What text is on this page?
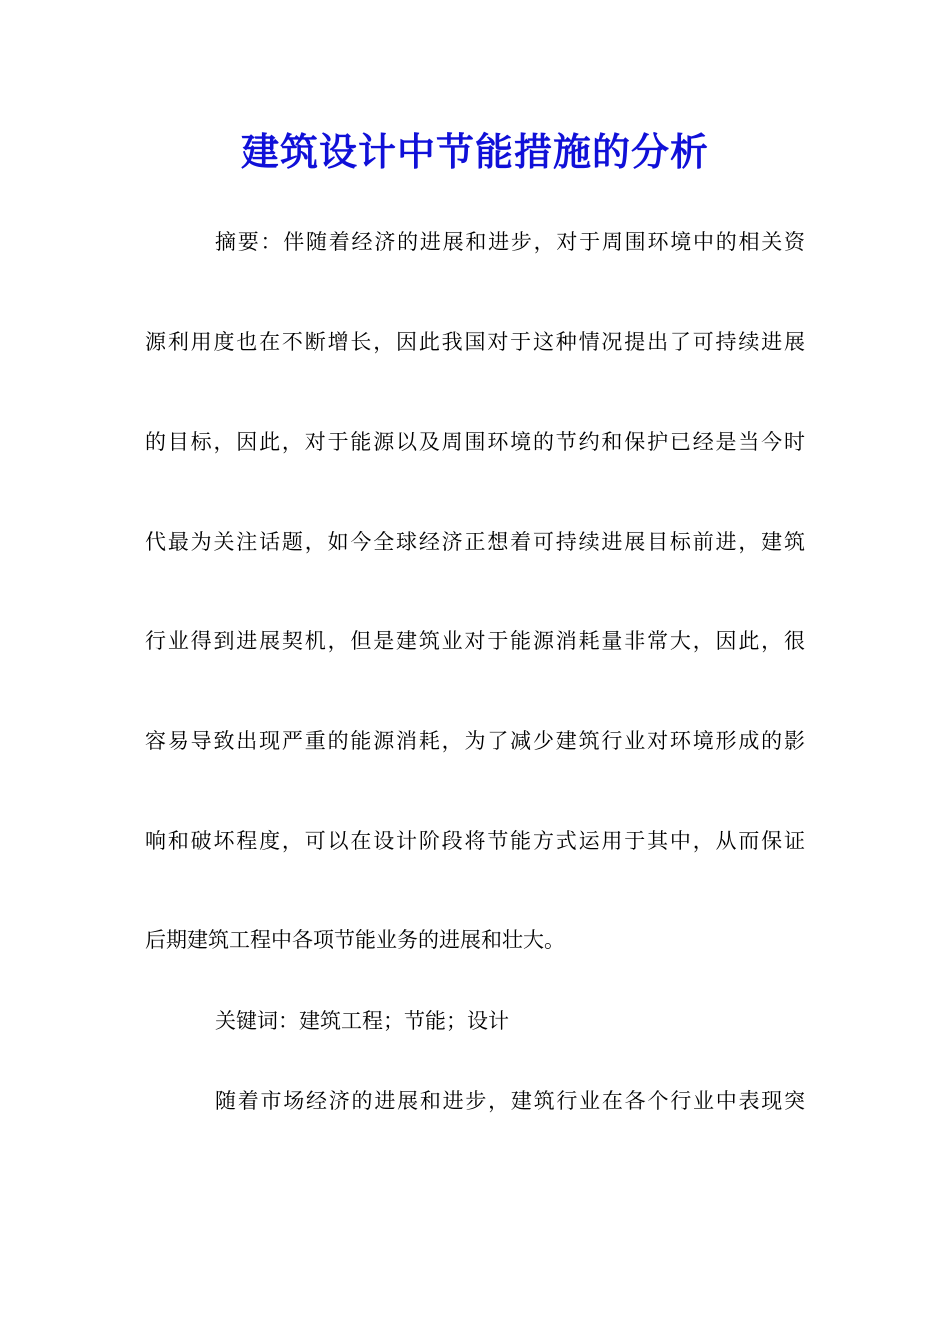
建筑设计中节能措施的分析
摘要：伴随着经济的进展和进步，对于周围环境中的相关资
源利用度也在不断增长，因此我国对于这种情况提出了可持续进展
的目标，因此，对于能源以及周围环境的节约和保护已经是当今时
代最为关注话题，如今全球经济正想着可持续进展目标前进，建筑
行业得到进展契机，但是建筑业对于能源消耗量非常大，因此，很
容易导致出现严重的能源消耗，为了减少建筑行业对环境形成的影
响和破坏程度，可以在设计阶段将节能方式运用于其中，从而保证
后期建筑工程中各项节能业务的进展和壮大。
关键词：建筑工程；节能；设计
随着市场经济的进展和进步，建筑行业在各个行业中表现突
